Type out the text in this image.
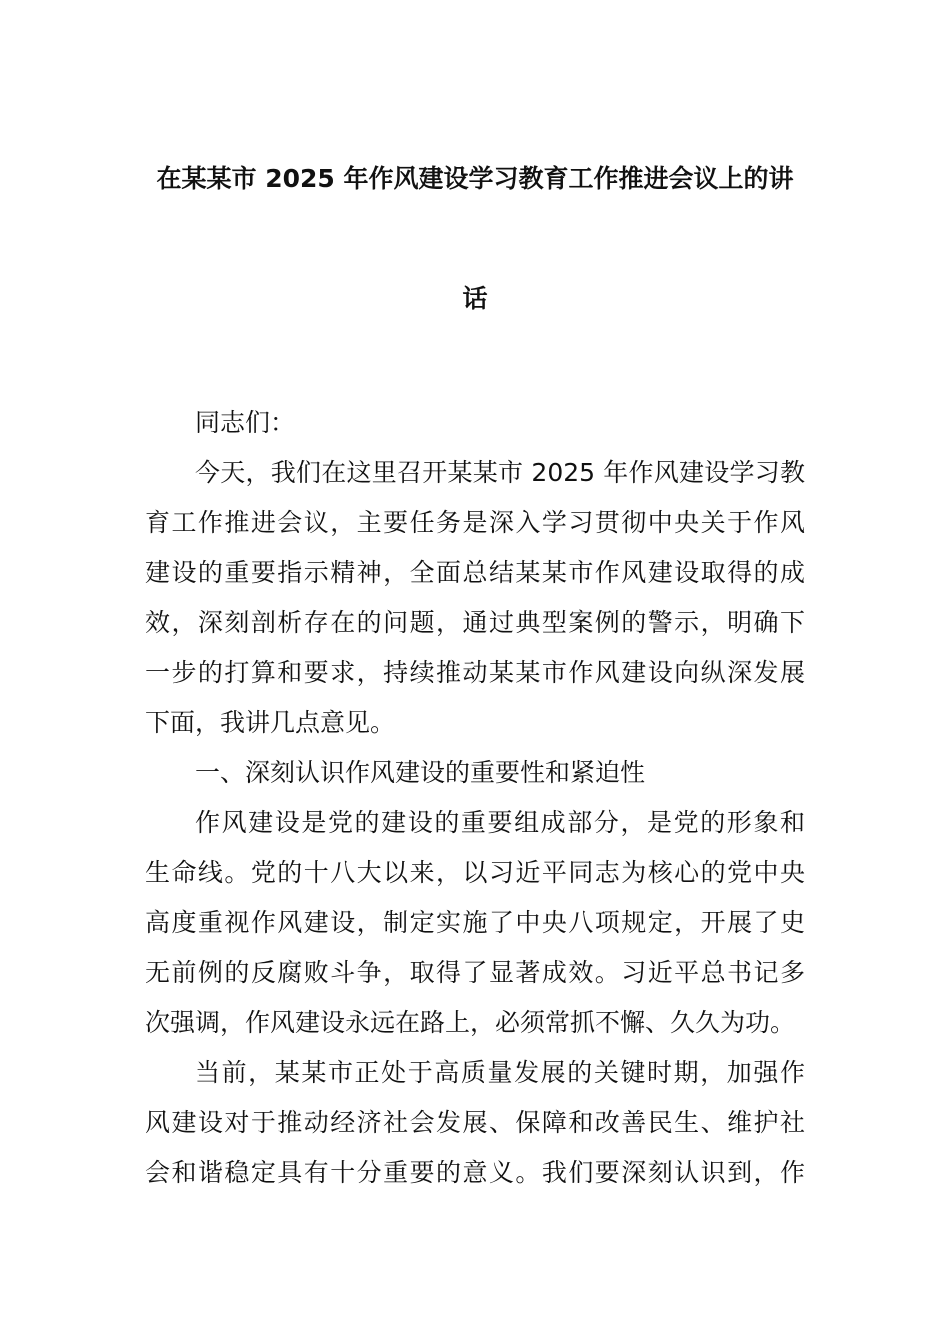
在某某市 2025 年作风建设学习教育工作推进会议上的讲
话
同志们：
今天，我们在这里召开某某市 2025 年作风建设学习教
育工作推进会议，主要任务是深入学习贯彻中央关于作风
建设的重要指示精神，全面总结某某市作风建设取得的成
效，深刻剖析存在的问题，通过典型案例的警示，明确下
一步的打算和要求，持续推动某某市作风建设向纵深发展
下面，我讲几点意见。
一、深刻认识作风建设的重要性和紧迫性
作风建设是党的建设的重要组成部分，是党的形象和
生命线。党的十八大以来，以习近平同志为核心的党中央
高度重视作风建设，制定实施了中央八项规定，开展了史
无前例的反腐败斗争，取得了显著成效。习近平总书记多
次强调，作风建设永远在路上，必须常抓不懈、久久为功。
当前，某某市正处于高质量发展的关键时期，加强作
风建设对于推动经济社会发展、保障和改善民生、维护社
会和谐稳定具有十分重要的意义。我们要深刻认识到，作
